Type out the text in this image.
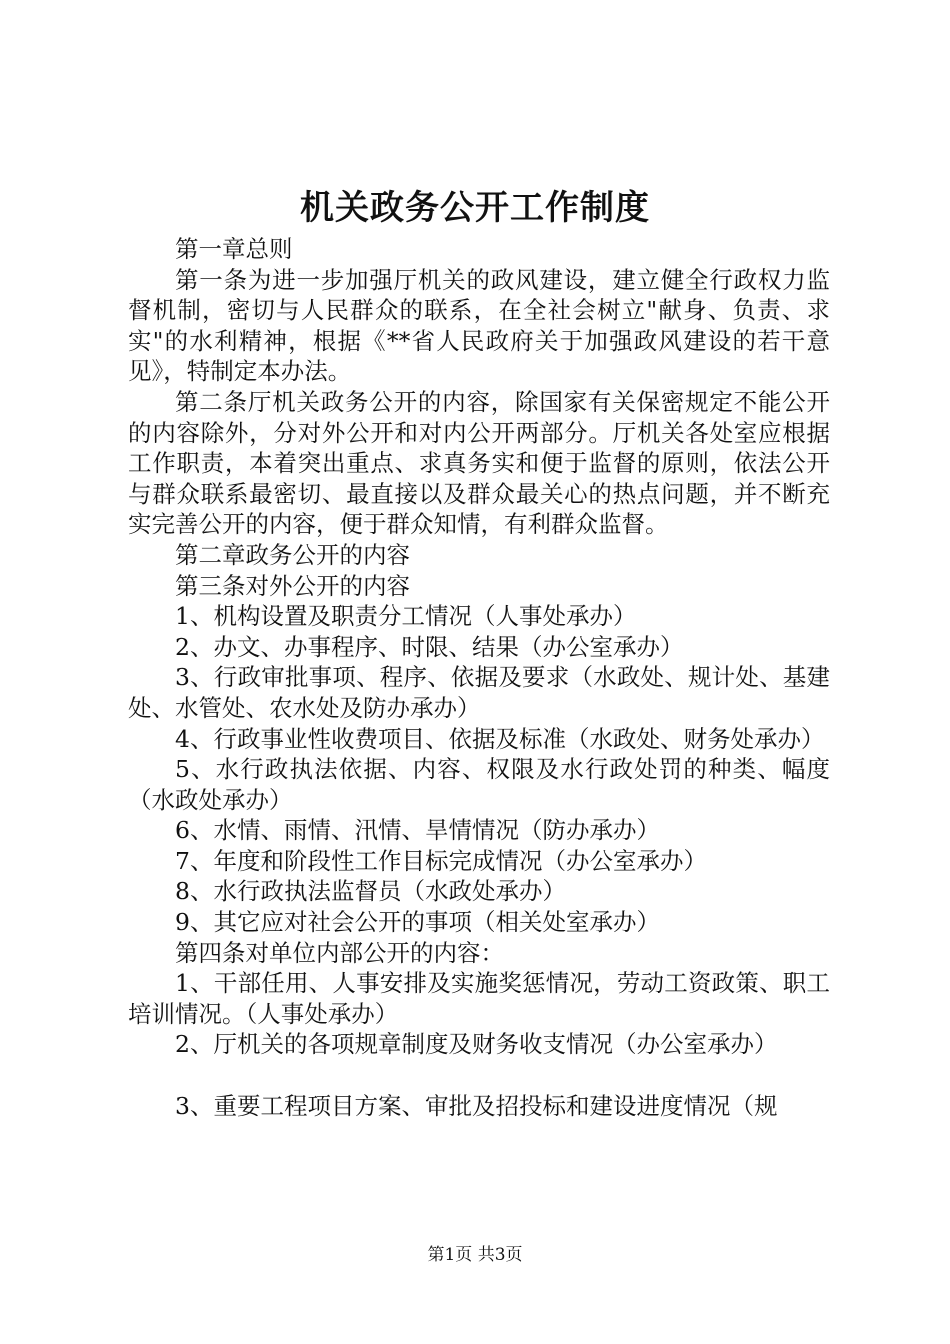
机关政务公开工作制度

第一章总则

第一条为进一步加强厅机关的政风建设，建立健全行政权力监督机制，密切与人民群众的联系，在全社会树立"献身、负责、求实"的水利精神，根据《**省人民政府关于加强政风建设的若干意见》，特制定本办法。

第二条厅机关政务公开的内容，除国家有关保密规定不能公开的内容除外，分对外公开和对内公开两部分。厅机关各处室应根据工作职责，本着突出重点、求真务实和便于监督的原则，依法公开与群众联系最密切、最直接以及群众最关心的热点问题，并不断充实完善公开的内容，便于群众知情，有利群众监督。

第二章政务公开的内容

第三条对外公开的内容

1、机构设置及职责分工情况（人事处承办）

2、办文、办事程序、时限、结果（办公室承办）

3、行政审批事项、程序、依据及要求（水政处、规计处、基建处、水管处、农水处及防办承办）

4、行政事业性收费项目、依据及标准（水政处、财务处承办）

5、水行政执法依据、内容、权限及水行政处罚的种类、幅度（水政处承办）

6、水情、雨情、汛情、旱情情况（防办承办）

7、年度和阶段性工作目标完成情况（办公室承办）

8、水行政执法监督员（水政处承办）

9、其它应对社会公开的事项（相关处室承办）

第四条对单位内部公开的内容：

1、干部任用、人事安排及实施奖惩情况，劳动工资政策、职工培训情况。（人事处承办）

2、厅机关的各项规章制度及财务收支情况（办公室承办）

3、重要工程项目方案、审批及招投标和建设进度情况（规

第1页 共3页
